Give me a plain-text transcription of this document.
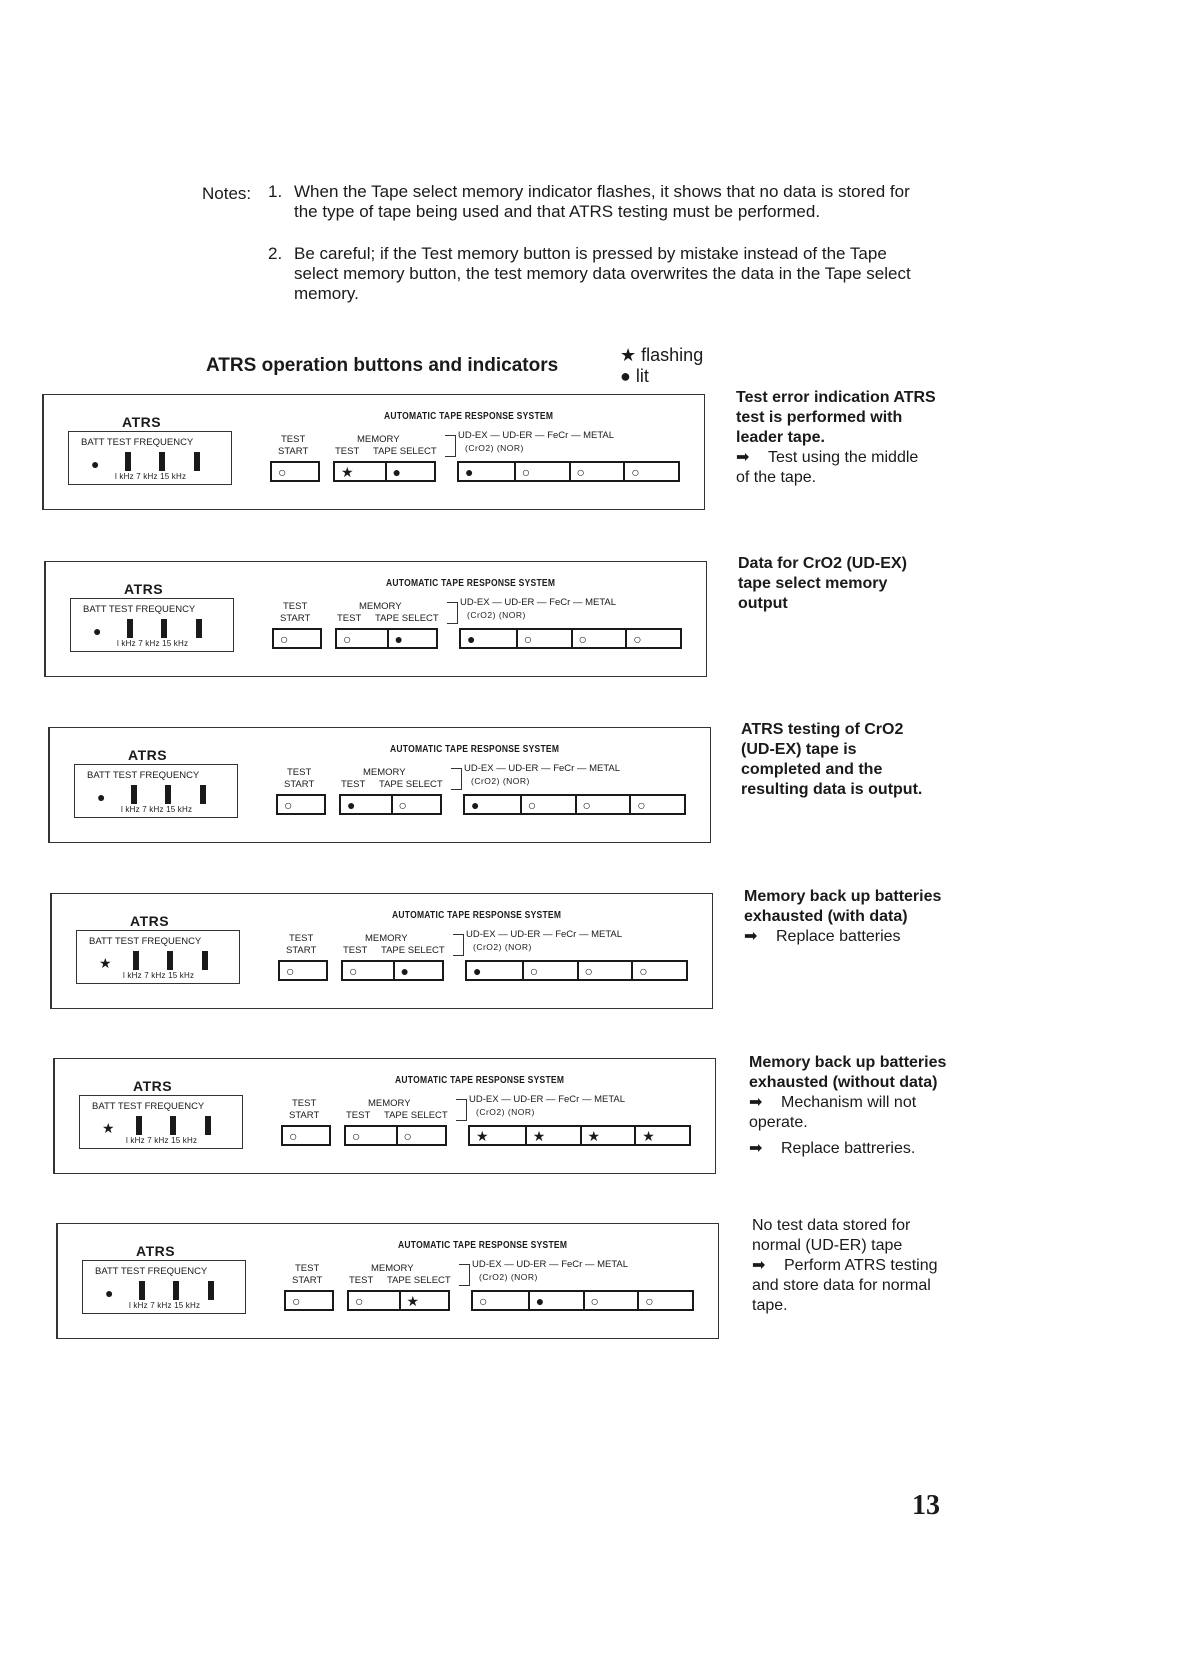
Notes: 1. When the Tape select memory indicator flashes, it shows that no data is stored for the type of tape being used and that ATRS testing must be performed.
2. Be careful; if the Test memory button is pressed by mistake instead of the Tape select memory button, the test memory data overwrites the data in the Tape select memory.
ATRS operation buttons and indicators	★ flashing
● lit
ATRS
BATT TEST FREQUENCY
●
l kHz 7 kHz 15 kHz
AUTOMATIC TAPE RESPONSE SYSTEM
TEST
START
MEMORY
TEST TAPE SELECT
UD-EX — UD-ER — FeCr — METAL
(CrO2) (NOR)
○	★	●	●	○	○	○
ATRS
BATT TEST FREQUENCY
●
l kHz 7 kHz 15 kHz
AUTOMATIC TAPE RESPONSE SYSTEM
TEST
START
MEMORY
TEST TAPE SELECT
UD-EX — UD-ER — FeCr — METAL
(CrO2) (NOR)
○	○	●	●	○	○	○
ATRS
BATT TEST FREQUENCY
●
l kHz 7 kHz 15 kHz
AUTOMATIC TAPE RESPONSE SYSTEM
TEST
START
MEMORY
TEST TAPE SELECT
UD-EX — UD-ER — FeCr — METAL
(CrO2) (NOR)
○	●	○	●	○	○	○
ATRS
BATT TEST FREQUENCY
★
l kHz 7 kHz 15 kHz
AUTOMATIC TAPE RESPONSE SYSTEM
TEST
START
MEMORY
TEST TAPE SELECT
UD-EX — UD-ER — FeCr — METAL
(CrO2) (NOR)
○	○	●	●	○	○	○
ATRS
BATT TEST FREQUENCY
★
l kHz 7 kHz 15 kHz
AUTOMATIC TAPE RESPONSE SYSTEM
TEST
START
MEMORY
TEST TAPE SELECT
UD-EX — UD-ER — FeCr — METAL
(CrO2) (NOR)
○	○	○	★	★	★	★
ATRS
BATT TEST FREQUENCY
●
l kHz 7 kHz 15 kHz
AUTOMATIC TAPE RESPONSE SYSTEM
TEST
START
MEMORY
TEST TAPE SELECT
UD-EX — UD-ER — FeCr — METAL
(CrO2) (NOR)
○	○	★	○	●	○	○
Test error indication ATRS test is performed with leader tape.
➡ Test using the middle of the tape.
Data for CrO2 (UD-EX) tape select memory output
ATRS testing of CrO2 (UD-EX) tape is completed and the resulting data is output.
Memory back up batteries exhausted (with data)
➡ Replace batteries
Memory back up batteries exhausted (without data)
➡ Mechanism will not operate.
➡ Replace battreries.
No test data stored for normal (UD-ER) tape
➡ Perform ATRS testing and store data for normal tape.
13
